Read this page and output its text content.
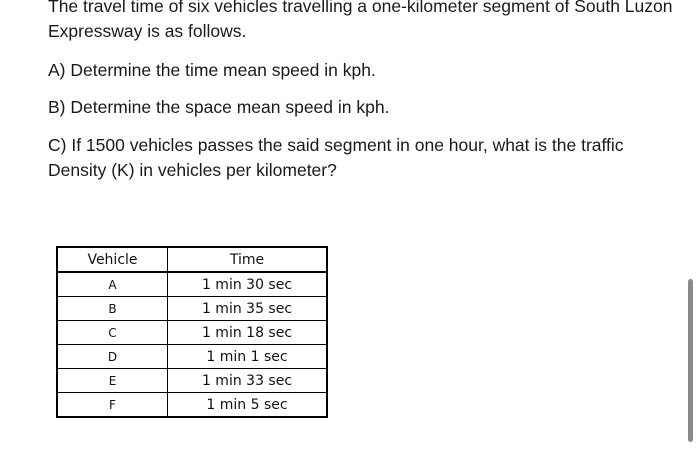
The travel time of six vehicles travelling a one-kilometer segment of South Luzon Expressway is as follows.

A) Determine the time mean speed in kph.

B) Determine the space mean speed in kph.

C) If 1500 vehicles passes the said segment in one hour, what is the traffic Density (K) in vehicles per kilometer?

Vehicle	Time
A	1 min 30 sec
B	1 min 35 sec
C	1 min 18 sec
D	1 min 1 sec
E	1 min 33 sec
F	1 min 5 sec
